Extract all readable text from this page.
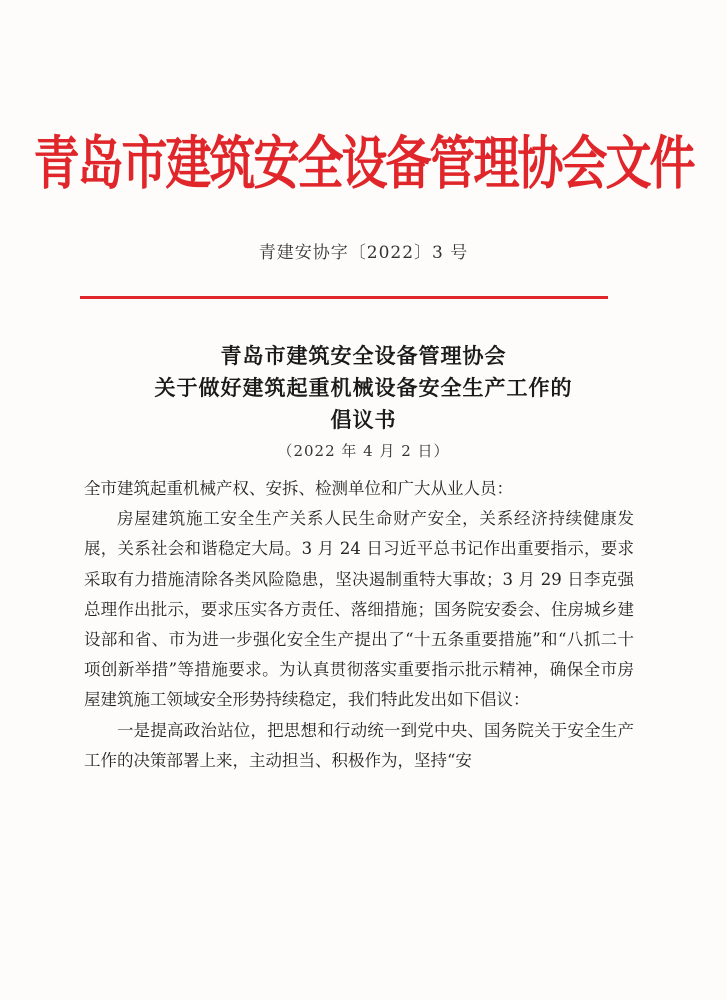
青岛市建筑安全设备管理协会文件
青建安协字〔2022〕3 号
青岛市建筑安全设备管理协会
关于做好建筑起重机械设备安全生产工作的
倡议书
（2022 年 4 月 2 日）

全市建筑起重机械产权、安拆、检测单位和广大从业人员：

房屋建筑施工安全生产关系人民生命财产安全，关系经济持续健康发展，关系社会和谐稳定大局。3 月 24 日习近平总书记作出重要指示，要求采取有力措施清除各类风险隐患，坚决遏制重特大事故；3 月 29 日李克强总理作出批示，要求压实各方责任、落细措施；国务院安委会、住房城乡建设部和省、市为进一步强化安全生产提出了“十五条重要措施”和“八抓二十项创新举措”等措施要求。为认真贯彻落实重要指示批示精神，确保全市房屋建筑施工领域安全形势持续稳定，我们特此发出如下倡议：

一是提高政治站位，把思想和行动统一到党中央、国务院关于安全生产工作的决策部署上来，主动担当、积极作为，坚持“安
